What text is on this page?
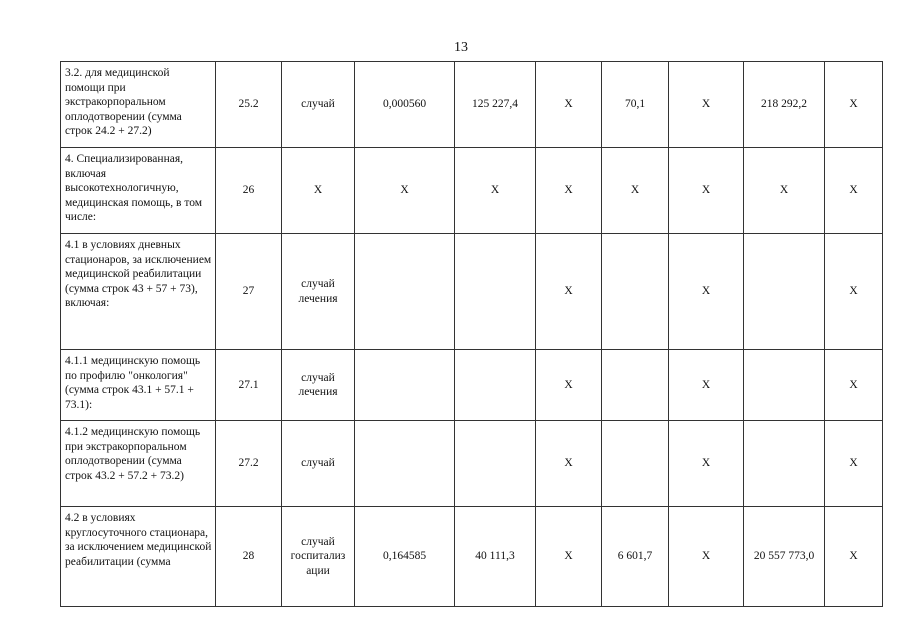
13
3.2. для медицинской помощи при экстракорпоральном оплодотворении (сумма строк 24.2 + 27.2)	25.2	случай	0,000560	125 227,4	X	70,1	X	218 292,2	X
4. Специализированная, включая высокотехнологичную, медицинская помощь, в том числе:	26	X	X	X	X	X	X	X	X
4.1 в условиях дневных стационаров, за исключением медицинской реабилитации (сумма строк 43 + 57 + 73), включая:	27	случай лечения			X		X		X
4.1.1 медицинскую помощь по профилю "онкология" (сумма строк 43.1 + 57.1 + 73.1):	27.1	случай лечения			X		X		X
4.1.2 медицинскую помощь при экстракорпоральном оплодотворении (сумма строк 43.2 + 57.2 + 73.2)	27.2	случай			X		X		X
4.2 в условиях круглосуточного стационара, за исключением медицинской реабилитации (сумма	28	случай госпитализ ации	0,164585	40 111,3	X	6 601,7	X	20 557 773,0	X
